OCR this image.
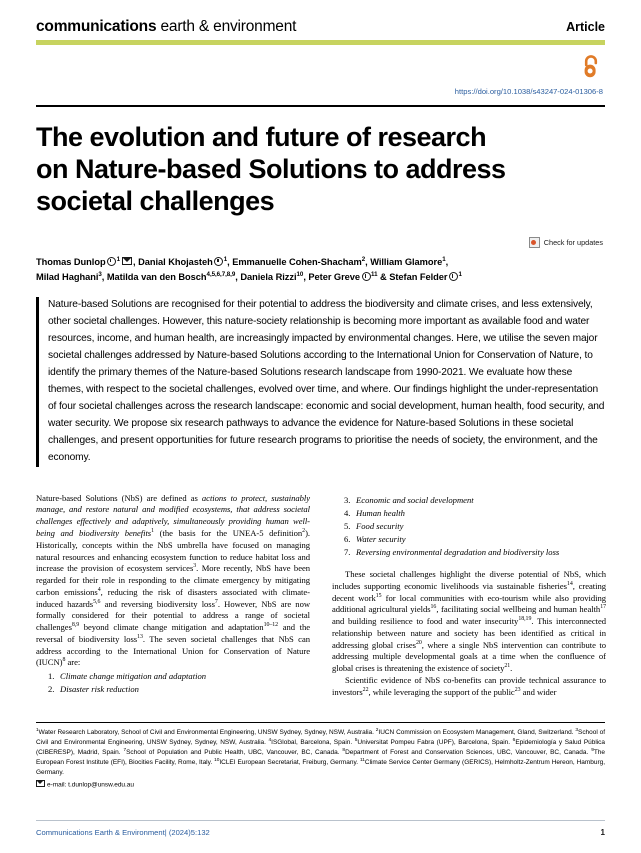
communications earth & environment	Article
https://doi.org/10.1038/s43247-024-01306-8
The evolution and future of research on Nature-based Solutions to address societal challenges
Check for updates
Thomas Dunlop $^1$ , Danial Khojasteh $^1$, Emmanuelle Cohen-Shacham$^2$, William Glamore$^1$,
Milad Haghani$^3$, Matilda van den Bosch$^{4,5,6,7,8,9}$, Daniela Rizzi$^{10}$, Peter Greve $^{11}$ & Stefan Felder $^1$
Nature-based Solutions are recognised for their potential to address the biodiversity and climate crises, and less extensively, other societal challenges. However, this nature-society relationship is becoming more important as available food and water resources, income, and human health, are increasingly impacted by environmental changes. Here, we utilise the seven major societal challenges addressed by Nature-based Solutions according to the International Union for Conservation of Nature, to identify the primary themes of the Nature-based Solutions research landscape from 1990-2021. We evaluate how these themes, with respect to the societal challenges, evolved over time, and where. Our findings highlight the under-representation of four societal challenges across the research landscape: economic and social development, human health, food security, and water security. We propose six research pathways to advance the evidence for Nature-based Solutions in these societal challenges, and present opportunities for future research programs to prioritise the needs of society, the environment, and the economy.

Nature-based Solutions (NbS) are defined as actions to protect, sustainably manage, and restore natural and modified ecosystems, that address societal challenges effectively and adaptively, simultaneously providing human well-being and biodiversity benefits$^1$ (the basis for the UNEA-5 definition$^2$). Historically, concepts within the NbS umbrella have focused on managing natural resources and enhancing ecosystem function to reduce habitat loss and increase the provision of ecosystem services$^3$. More recently, NbS have been regarded for their role in responding to the climate emergency by mitigating carbon emissions$^4$, reducing the risk of disasters associated with climate-induced hazards$^{5,6}$ and reversing biodiversity loss$^7$. However, NbS are now formally considered for their potential to address a range of societal challenges$^{8,9}$ beyond climate change mitigation and adaptation$^{10-12}$ and the reversal of biodiversity loss$^{13}$. The seven societal challenges that NbS can address according to the International Union for Conservation of Nature (IUCN)$^8$ are:

1. Climate change mitigation and adaptation
2. Disaster risk reduction
3. Economic and social development
4. Human health
5. Food security
6. Water security
7. Reversing environmental degradation and biodiversity loss

These societal challenges highlight the diverse potential of NbS, which includes supporting economic livelihoods via sustainable fisheries$^{14}$, creating decent work$^{15}$ for local communities with eco-tourism while also providing additional agricultural yields$^{16}$, facilitating social wellbeing and human health$^{17}$ and building resilience to food and water insecurity$^{18,19}$. This interconnected relationship between nature and society has been identified as critical in addressing global crises$^{20}$, where a single NbS intervention can contribute to addressing multiple developmental goals at a time when the confluence of global crises is threatening the existence of society$^{21}$.

Scientific evidence of NbS co-benefits can provide technical assurance to investors$^{22}$, while leveraging the support of the public$^{23}$ and wider

$^1$Water Research Laboratory, School of Civil and Environmental Engineering, UNSW Sydney, Sydney, NSW, Australia. $^2$IUCN Commission on Ecosystem Management, Gland, Switzerland. $^3$School of Civil and Environmental Engineering, UNSW Sydney, Sydney, NSW, Australia. $^4$ISGlobal, Barcelona, Spain. $^5$Universitat Pompeu Fabra (UPF), Barcelona, Spain. $^6$Epidemiología y Salud Pública (CIBERESP), Madrid, Spain. $^7$School of Population and Public Health, UBC, Vancouver, BC, Canada. $^8$Department of Forest and Conservation Sciences, UBC, Vancouver, BC, Canada. $^9$The European Forest Institute (EFI), Biocities Facility, Rome, Italy. $^{10}$ICLEI European Secretariat, Freiburg, Germany. $^{11}$Climate Service Center Germany (GERICS), Helmholtz-Zentrum Hereon, Hamburg, Germany.
e-mail: t.dunlop@unsw.edu.au
Communications Earth & Environment| (2024)5:132	1
